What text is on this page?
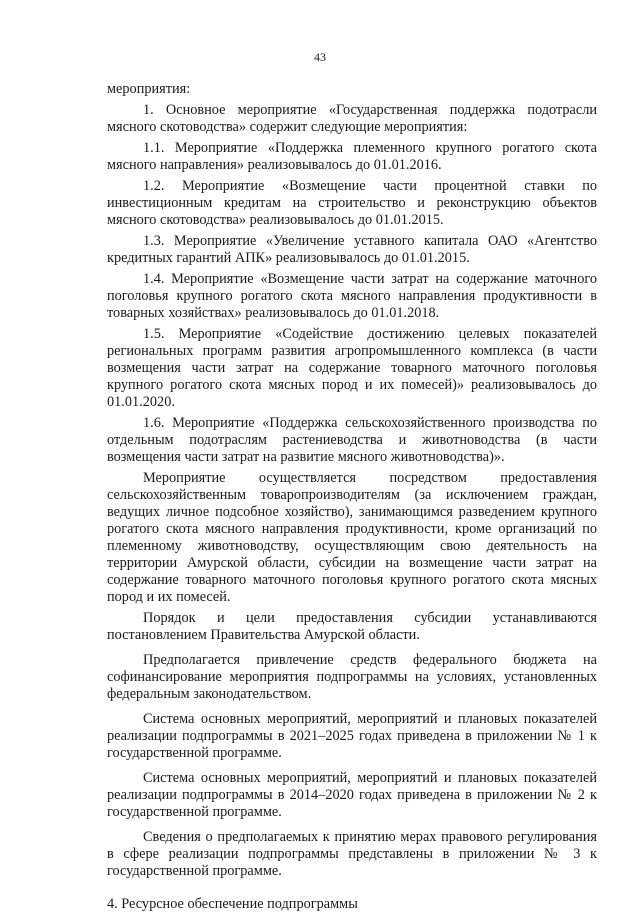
43

мероприятия:

1. Основное мероприятие «Государственная поддержка подотрасли мясного скотоводства» содержит следующие мероприятия:

1.1. Мероприятие «Поддержка племенного крупного рогатого скота мясного направления» реализовывалось до 01.01.2016.

1.2. Мероприятие «Возмещение части процентной ставки по инвестиционным кредитам на строительство и реконструкцию объектов мясного скотоводства» реализовывалось до 01.01.2015.

1.3. Мероприятие «Увеличение уставного капитала ОАО «Агентство кредитных гарантий АПК» реализовывалось до 01.01.2015.

1.4. Мероприятие «Возмещение части затрат на содержание маточного поголовья крупного рогатого скота мясного направления продуктивности в товарных хозяйствах» реализовывалось до 01.01.2018.

1.5. Мероприятие «Содействие достижению целевых показателей региональных программ развития агропромышленного комплекса (в части возмещения части затрат на содержание товарного маточного поголовья крупного рогатого скота мясных пород и их помесей)» реализовывалось до 01.01.2020.

1.6. Мероприятие «Поддержка сельскохозяйственного производства по отдельным подотраслям растениеводства и животноводства (в части возмещения части затрат на развитие мясного животноводства)».

Мероприятие осуществляется посредством предоставления сельскохозяйственным товаропроизводителям (за исключением граждан, ведущих личное подсобное хозяйство), занимающимся разведением крупного рогатого скота мясного направления продуктивности, кроме организаций по племенному животноводству, осуществляющим свою деятельность на территории Амурской области, субсидии на возмещение части затрат на содержание товарного маточного поголовья крупного рогатого скота мясных пород и их помесей.

Порядок и цели предоставления субсидии устанавливаются постановлением Правительства Амурской области.

Предполагается привлечение средств федерального бюджета на софинансирование мероприятия подпрограммы на условиях, установленных федеральным законодательством.

Система основных мероприятий, мероприятий и плановых показателей реализации подпрограммы в 2021–2025 годах приведена в приложении № 1 к государственной программе.

Система основных мероприятий, мероприятий и плановых показателей реализации подпрограммы в 2014–2020 годах приведена в приложении № 2 к государственной программе.

Сведения о предполагаемых к принятию мерах правового регулирования в сфере реализации подпрограммы представлены в приложении № 3 к государственной программе.

4. Ресурсное обеспечение подпрограммы
